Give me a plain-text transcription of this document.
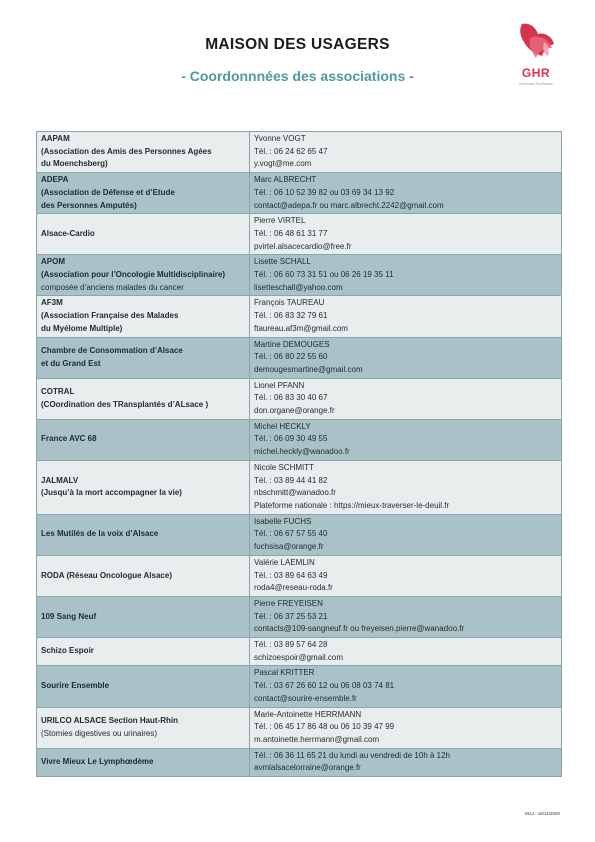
MAISON DES USAGERS
- Coordonnnées des associations -	GHR
Mulhouse Sud Alsace
AAPAM
(Association des Amis des Personnes Agées
du Moenchsberg)	Yvonne VOGT
Tél. : 06 24 62 65 47
y.vogt@me.com

ADEPA
(Association de Défense et d’Etude
des Personnes Amputés)	Marc ALBRECHT
Tél. : 06 10 52 39 82 ou 03 69 34 13 92
contact@adepa.fr ou marc.albrecht.2242@gmail.com

Alsace-Cardio	Pierre VIRTEL
Tél. : 06 48 61 31 77
pvirtel.alsacecardio@free.fr

APOM
(Association pour l’Oncologie Multidisciplinaire)
composée d’anciens malades du cancer	Lisette SCHALL
Tél. : 06 60 73 31 51 ou 06 26 19 35 11
lisetteschall@yahoo.com

AF3M
(Association Française des Malades
du Myélome Multiple)	François TAUREAU
Tél. : 06 83 32 79 61
ftaureau.af3m@gmail.com

Chambre de Consommation d’Alsace
et du Grand Est	Martine DEMOUGES
Tél. : 06 80 22 55 60
demougesmartine@gmail.com

COTRAL
(COordination des TRansplantés d’ALsace )	Lionel PFANN
Tél. : 06 83 30 40 67
don.organe@orange.fr

France AVC 68	Michel HECKLY
Tél. : 06 09 30 49 55
michel.heckly@wanadoo.fr

JALMALV
(Jusqu’à la mort accompagner la vie)	Nicole SCHMITT
Tél. : 03 89 44 41 82
nbschmitt@wanadoo.fr
Plateforme nationale : https://mieux-traverser-le-deuil.fr

Les Mutilés de la voix d’Alsace	Isabelle FUCHS
Tél. : 06 67 57 55 40
fuchsisa@orange.fr

RODA (Réseau Oncologue Alsace)	Valérie LAEMLIN
Tél. : 03 89 64 63 49
roda4@reseau-roda.fr

109 Sang Neuf	Pierre FREYEISEN
Tél. : 06 37 25 53 21
contacts@109-sangneuf.fr ou freyeisen.pierre@wanadoo.fr

Schizo Espoir	Tél. : 03 89 57 64 28
schizoespoir@gmail.com

Sourire Ensemble	Pascal KRITTER
Tél. : 03 67 26 60 12 ou 06 08 03 74 81
contact@sourire-ensemble.fr

URILCO ALSACE Section Haut-Rhin
(Stomies digestives ou urinaires)	Marie-Antoinette HERRMANN
Tél. : 06 45 17 86 48 ou 06 10 39 47 99
m.antoinette.herrmann@gmail.com

Vivre Mieux Le Lymphœdème	Tél. : 06 36 11 65 21 du lundi au vendredi de 10h à 12h
avmlalsacelorraine@orange.fr
MAJ : 16/11/2020
